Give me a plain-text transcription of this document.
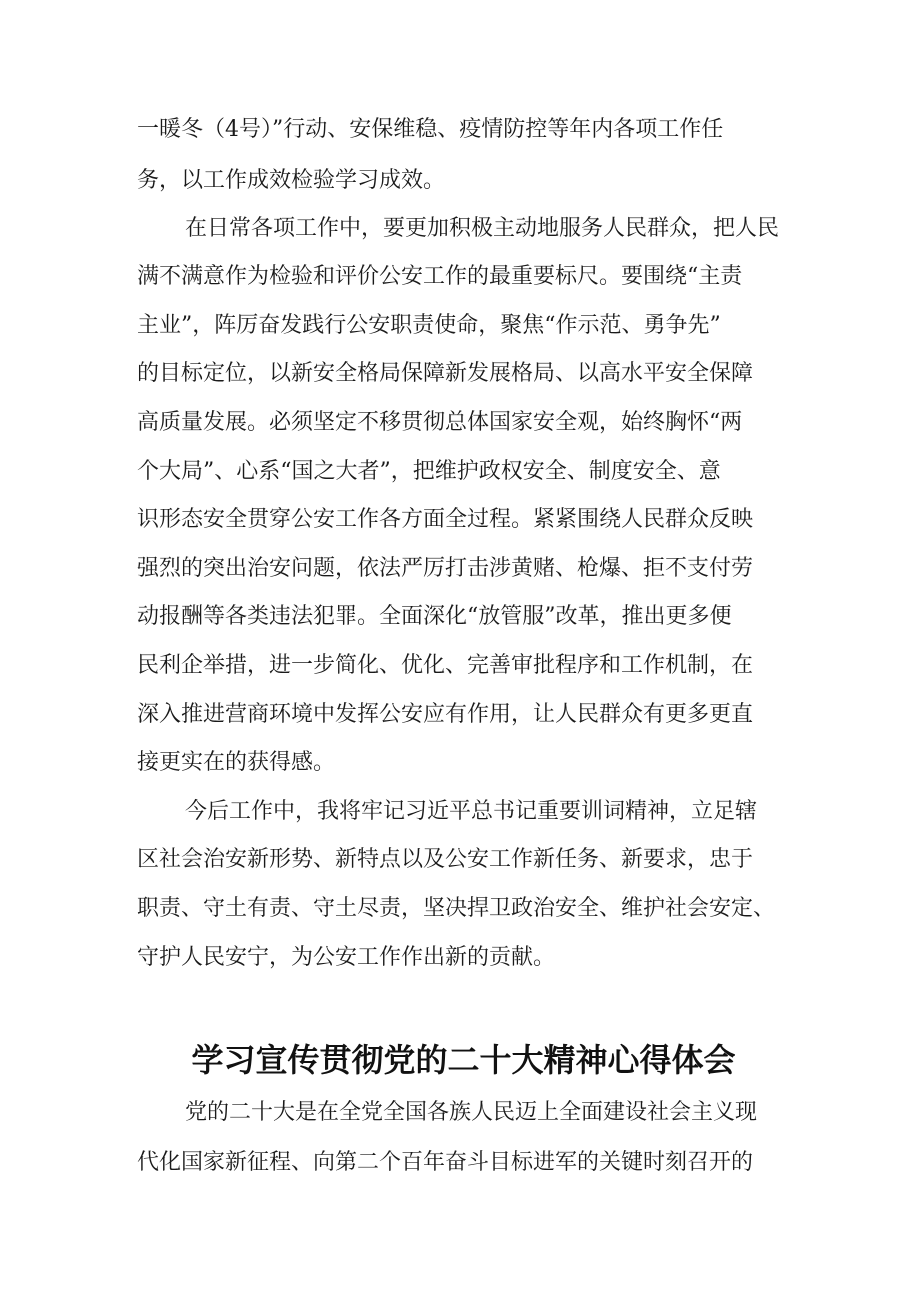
一暖冬（4号）”行动、安保维稳、疫情防控等年内各项工作任
务，以工作成效检验学习成效。
在日常各项工作中，要更加积极主动地服务人民群众，把人民
满不满意作为检验和评价公安工作的最重要标尺。要围绕“主责
主业”，阵厉奋发践行公安职责使命，聚焦“作示范、勇争先”
的目标定位，以新安全格局保障新发展格局、以高水平安全保障
高质量发展。必须坚定不移贯彻总体国家安全观，始终胸怀“两
个大局”、心系“国之大者”，把维护政权安全、制度安全、意
识形态安全贯穿公安工作各方面全过程。紧紧围绕人民群众反映
强烈的突出治安问题，依法严厉打击涉黄赌、枪爆、拒不支付劳
动报酬等各类违法犯罪。全面深化“放管服”改革，推出更多便
民利企举措，进一步简化、优化、完善审批程序和工作机制，在
深入推进营商环境中发挥公安应有作用，让人民群众有更多更直
接更实在的获得感。
今后工作中，我将牢记习近平总书记重要训词精神，立足辖
区社会治安新形势、新特点以及公安工作新任务、新要求，忠于
职责、守土有责、守土尽责，坚决捍卫政治安全、维护社会安定、
守护人民安宁，为公安工作作出新的贡献。
学习宣传贯彻党的二十大精神心得体会
党的二十大是在全党全国各族人民迈上全面建设社会主义现
代化国家新征程、向第二个百年奋斗目标进军的关键时刻召开的
